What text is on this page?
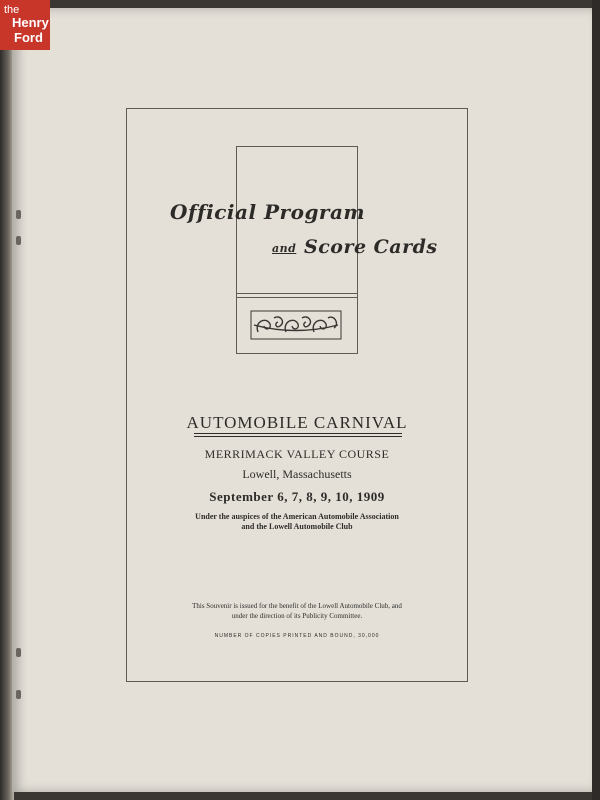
the
Henry
Ford
Official Program
and Score Cards
AUTOMOBILE CARNIVAL
MERRIMACK VALLEY COURSE
Lowell, Massachusetts
September 6, 7, 8, 9, 10, 1909
Under the auspices of the American Automobile Association
and the Lowell Automobile Club
This Souvenir is issued for the benefit of the Lowell Automobile Club, and
under the direction of its Publicity Committee.
NUMBER OF COPIES PRINTED AND BOUND, 30,000
